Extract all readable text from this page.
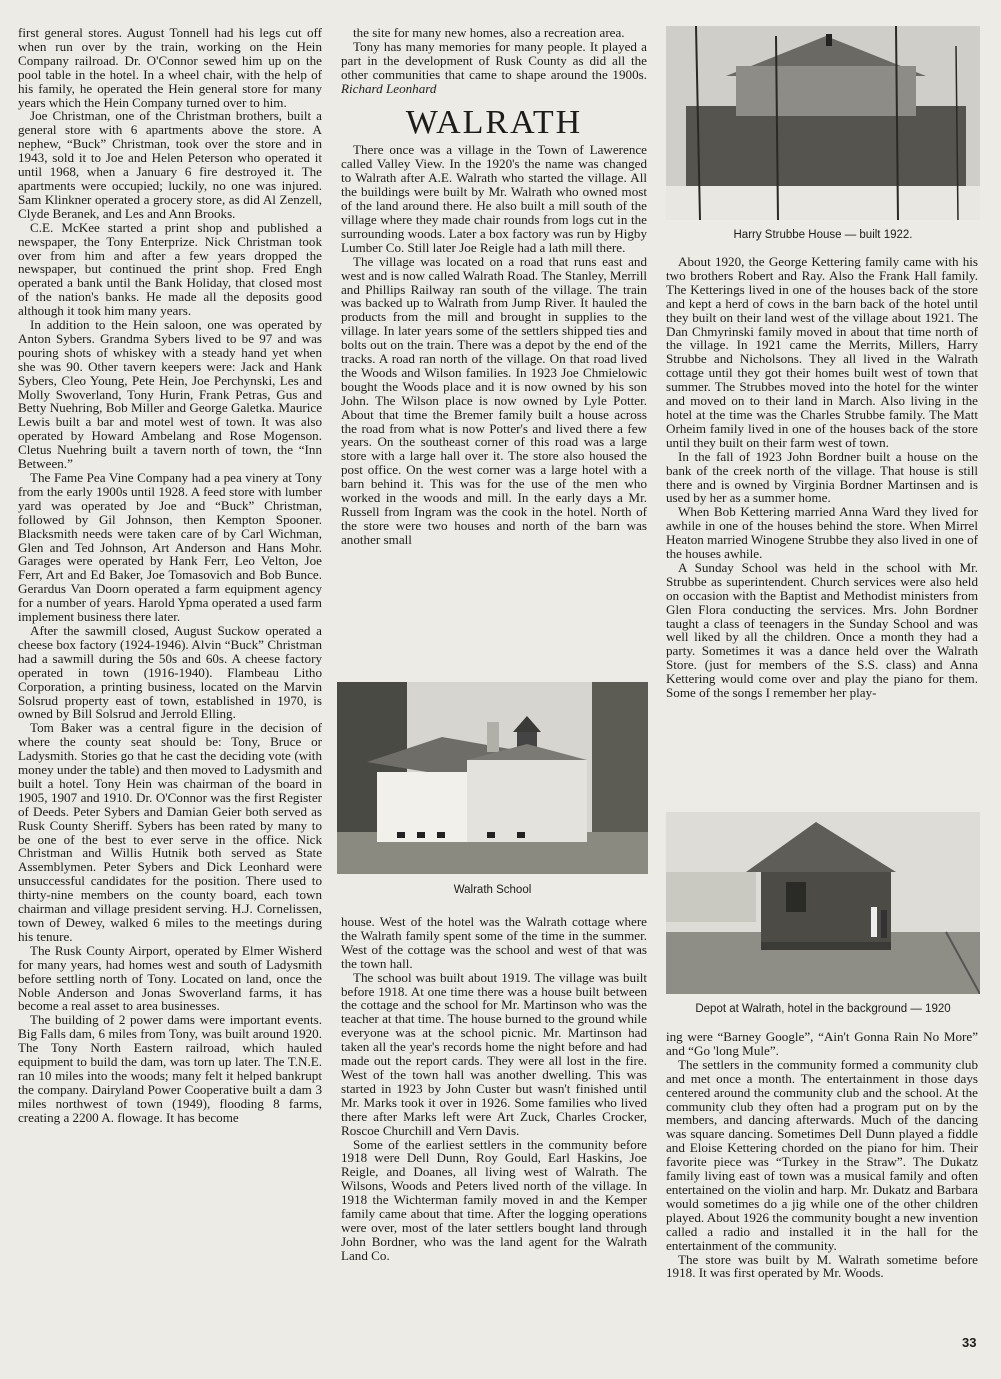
first general stores. August Tonnell had his legs cut off when run over by the train, working on the Hein Company railroad. Dr. O'Connor sewed him up on the pool table in the hotel. In a wheel chair, with the help of his family, he operated the Hein general store for many years which the Hein Company turned over to him.

Joe Christman, one of the Christman brothers, built a general store with 6 apartments above the store. A nephew, “Buck” Christman, took over the store and in 1943, sold it to Joe and Helen Peterson who operated it until 1968, when a January 6 fire destroyed it. The apartments were occupied; luckily, no one was injured. Sam Klinkner operated a grocery store, as did Al Zenzell, Clyde Beranek, and Les and Ann Brooks.

C.E. McKee started a print shop and published a newspaper, the Tony Enterprize. Nick Christman took over from him and after a few years dropped the newspaper, but continued the print shop. Fred Engh operated a bank until the Bank Holiday, that closed most of the nation's banks. He made all the deposits good although it took him many years.

In addition to the Hein saloon, one was operated by Anton Sybers. Grandma Sybers lived to be 97 and was pouring shots of whiskey with a steady hand yet when she was 90. Other tavern keepers were: Jack and Hank Sybers, Cleo Young, Pete Hein, Joe Perchynski, Les and Molly Swoverland, Tony Hurin, Frank Petras, Gus and Betty Nuehring, Bob Miller and George Galetka. Maurice Lewis built a bar and motel west of town. It was also operated by Howard Ambelang and Rose Mogenson. Cletus Nuehring built a tavern north of town, the “Inn Between.”

The Fame Pea Vine Company had a pea vinery at Tony from the early 1900s until 1928. A feed store with lumber yard was operated by Joe and “Buck” Christman, followed by Gil Johnson, then Kempton Spooner. Blacksmith needs were taken care of by Carl Wichman, Glen and Ted Johnson, Art Anderson and Hans Mohr. Garages were operated by Hank Ferr, Leo Velton, Joe Ferr, Art and Ed Baker, Joe Tomasovich and Bob Bunce. Gerardus Van Doorn operated a farm equipment agency for a number of years. Harold Ypma operated a used farm implement business there later.

After the sawmill closed, August Suckow operated a cheese box factory (1924-1946). Alvin “Buck” Christman had a sawmill during the 50s and 60s. A cheese factory operated in town (1916-1940). Flambeau Litho Corporation, a printing business, located on the Marvin Solsrud property east of town, established in 1970, is owned by Bill Solsrud and Jerrold Elling.

Tom Baker was a central figure in the decision of where the county seat should be: Tony, Bruce or Ladysmith. Stories go that he cast the deciding vote (with money under the table) and then moved to Ladysmith and built a hotel. Tony Hein was chairman of the board in 1905, 1907 and 1910. Dr. O'Connor was the first Register of Deeds. Peter Sybers and Damian Geier both served as Rusk County Sheriff. Sybers has been rated by many to be one of the best to ever serve in the office. Nick Christman and Willis Hutnik both served as State Assemblymen. Peter Sybers and Dick Leonhard were unsuccessful candidates for the position. There used to thirty-nine members on the county board, each town chairman and village president serving. H.J. Cornelissen, town of Dewey, walked 6 miles to the meetings during his tenure.

The Rusk County Airport, operated by Elmer Wisherd for many years, had homes west and south of Ladysmith before settling north of Tony. Located on land, once the Noble Anderson and Jonas Swoverland farms, it has become a real asset to area businesses.

The building of 2 power dams were important events. Big Falls dam, 6 miles from Tony, was built around 1920. The Tony North Eastern railroad, which hauled equipment to build the dam, was torn up later. The T.N.E. ran 10 miles into the woods; many felt it helped bankrupt the company. Dairyland Power Cooperative built a dam 3 miles northwest of town (1949), flooding 8 farms, creating a 2200 A. flowage. It has become

the site for many new homes, also a recreation area.

Tony has many memories for many people. It played a part in the development of Rusk County as did all the other communities that came to shape around the 1900s. Richard Leonhard

WALRATH

There once was a village in the Town of Lawerence called Valley View. In the 1920's the name was changed to Walrath after A.E. Walrath who started the village. All the buildings were built by Mr. Walrath who owned most of the land around there. He also built a mill south of the village where they made chair rounds from logs cut in the surrounding woods. Later a box factory was run by Higby Lumber Co. Still later Joe Reigle had a lath mill there.

The village was located on a road that runs east and west and is now called Walrath Road. The Stanley, Merrill and Phillips Railway ran south of the village. The train was backed up to Walrath from Jump River. It hauled the products from the mill and brought in supplies to the village. In later years some of the settlers shipped ties and bolts out on the train. There was a depot by the end of the tracks. A road ran north of the village. On that road lived the Woods and Wilson families. In 1923 Joe Chmielowic bought the Woods place and it is now owned by his son John. The Wilson place is now owned by Lyle Potter. About that time the Bremer family built a house across the road from what is now Potter's and lived there a few years. On the southeast corner of this road was a large store with a large hall over it. The store also housed the post office. On the west corner was a large hotel with a barn behind it. This was for the use of the men who worked in the woods and mill. In the early days a Mr. Russell from Ingram was the cook in the hotel. North of the store were two houses and north of the barn was another small

Walrath School

house. West of the hotel was the Walrath cottage where the Walrath family spent some of the time in the summer. West of the cottage was the school and west of that was the town hall.

The school was built about 1919. The village was built before 1918. At one time there was a house built between the cottage and the school for Mr. Martinson who was the teacher at that time. The house burned to the ground while everyone was at the school picnic. Mr. Martinson had taken all the year's records home the night before and had made out the report cards. They were all lost in the fire. West of the town hall was another dwelling. This was started in 1923 by John Custer but wasn't finished until Mr. Marks took it over in 1926. Some families who lived there after Marks left were Art Zuck, Charles Crocker, Roscoe Churchill and Vern Davis.

Some of the earliest settlers in the community before 1918 were Dell Dunn, Roy Gould, Earl Haskins, Joe Reigle, and Doanes, all living west of Walrath. The Wilsons, Woods and Peters lived north of the village. In 1918 the Wichterman family moved in and the Kemper family came about that time. After the logging operations were over, most of the later settlers bought land through John Bordner, who was the land agent for the Walrath Land Co.

Harry Strubbe House — built 1922.

About 1920, the George Kettering family came with his two brothers Robert and Ray. Also the Frank Hall family. The Ketterings lived in one of the houses back of the store and kept a herd of cows in the barn back of the hotel until they built on their land west of the village about 1921. The Dan Chmyrinski family moved in about that time north of the village. In 1921 came the Merrits, Millers, Harry Strubbe and Nicholsons. They all lived in the Walrath cottage until they got their homes built west of town that summer. The Strubbes moved into the hotel for the winter and moved on to their land in March. Also living in the hotel at the time was the Charles Strubbe family. The Matt Orheim family lived in one of the houses back of the store until they built on their farm west of town.

In the fall of 1923 John Bordner built a house on the bank of the creek north of the village. That house is still there and is owned by Virginia Bordner Martinsen and is used by her as a summer home.

When Bob Kettering married Anna Ward they lived for awhile in one of the houses behind the store. When Mirrel Heaton married Winogene Strubbe they also lived in one of the houses awhile.

A Sunday School was held in the school with Mr. Strubbe as superintendent. Church services were also held on occasion with the Baptist and Methodist ministers from Glen Flora conducting the services. Mrs. John Bordner taught a class of teenagers in the Sunday School and was well liked by all the children. Once a month they had a party. Sometimes it was a dance held over the Walrath Store. (just for members of the S.S. class) and Anna Kettering would come over and play the piano for them. Some of the songs I remember her play-

Depot at Walrath, hotel in the background — 1920

ing were “Barney Google”, “Ain't Gonna Rain No More” and “Go 'long Mule”.

The settlers in the community formed a community club and met once a month. The entertainment in those days centered around the community club and the school. At the community club they often had a program put on by the members, and dancing afterwards. Much of the dancing was square dancing. Sometimes Dell Dunn played a fiddle and Eloise Kettering chorded on the piano for him. Their favorite piece was “Turkey in the Straw”. The Dukatz family living east of town was a musical family and often entertained on the violin and harp. Mr. Dukatz and Barbara would sometimes do a jig while one of the other children played. About 1926 the community bought a new invention called a radio and installed it in the hall for the entertainment of the community.

The store was built by M. Walrath sometime before 1918. It was first operated by Mr. Woods.

33
